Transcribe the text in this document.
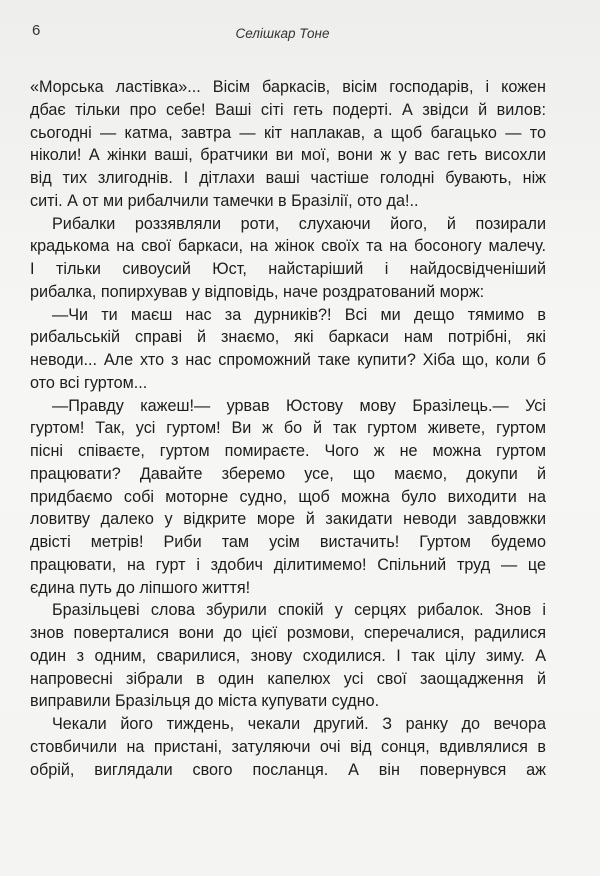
6	Селішкар Тоне
«Морська ластівка»... Вісім баркасів, вісім господарів, і кожен
дбає тільки про себе! Ваші сіті геть подерті. А звідси й вилов:
сьогодні — катма, завтра — кіт наплакав, а щоб багацько — то
ніколи! А жінки ваші, братчики ви мої, вони ж у вас геть висохли
від тих злигоднів. І дітлахи ваші частіше голодні бувають, ніж
ситі. А от ми рибалчили тамечки в Бразілії, ото да!..
Рибалки роззявляли роти, слухаючи його, й позирали
крадькома на свої баркаси, на жінок своїх та на босоногу малечу.
І тільки сивоусий Юст, найстаріший і найдосвідченіший
рибалка, попирхував у відповідь, наче роздратований морж:
—Чи ти маєш нас за дурників?! Всі ми дещо тямимо в
рибальській справі й знаємо, які баркаси нам потрібні, які
неводи... Але хто з нас спроможний таке купити? Хіба що, коли б
ото всі гуртом...
—Правду кажеш!— урвав Юстову мову Бразілець.— Усі
гуртом! Так, усі гуртом! Ви ж бо й так гуртом живете, гуртом
пісні співаєте, гуртом помираєте. Чого ж не можна гуртом
працювати? Давайте зберемо усе, що маємо, докупи й
придбаємо собі моторне судно, щоб можна було виходити на
ловитву далеко у відкрите море й закидати неводи завдовжки
двісті метрів! Риби там усім вистачить! Гуртом будемо
працювати, на гурт і здобич ділитимемо! Спільний труд — це
єдина путь до ліпшого життя!
Бразільцеві слова збурили спокій у серцях рибалок. Знов і
знов поверталися вони до цієї розмови, сперечалися, радилися
один з одним, сварилися, знову сходилися. І так цілу зиму. А
напровесні зібрали в один капелюх усі свої заощадження й
виправили Бразільця до міста купувати судно.
Чекали його тиждень, чекали другий. З ранку до вечора
стовбичили на пристані, затуляючи очі від сонця, вдивлялися в
обрій, виглядали свого посланця. А він повернувся аж
